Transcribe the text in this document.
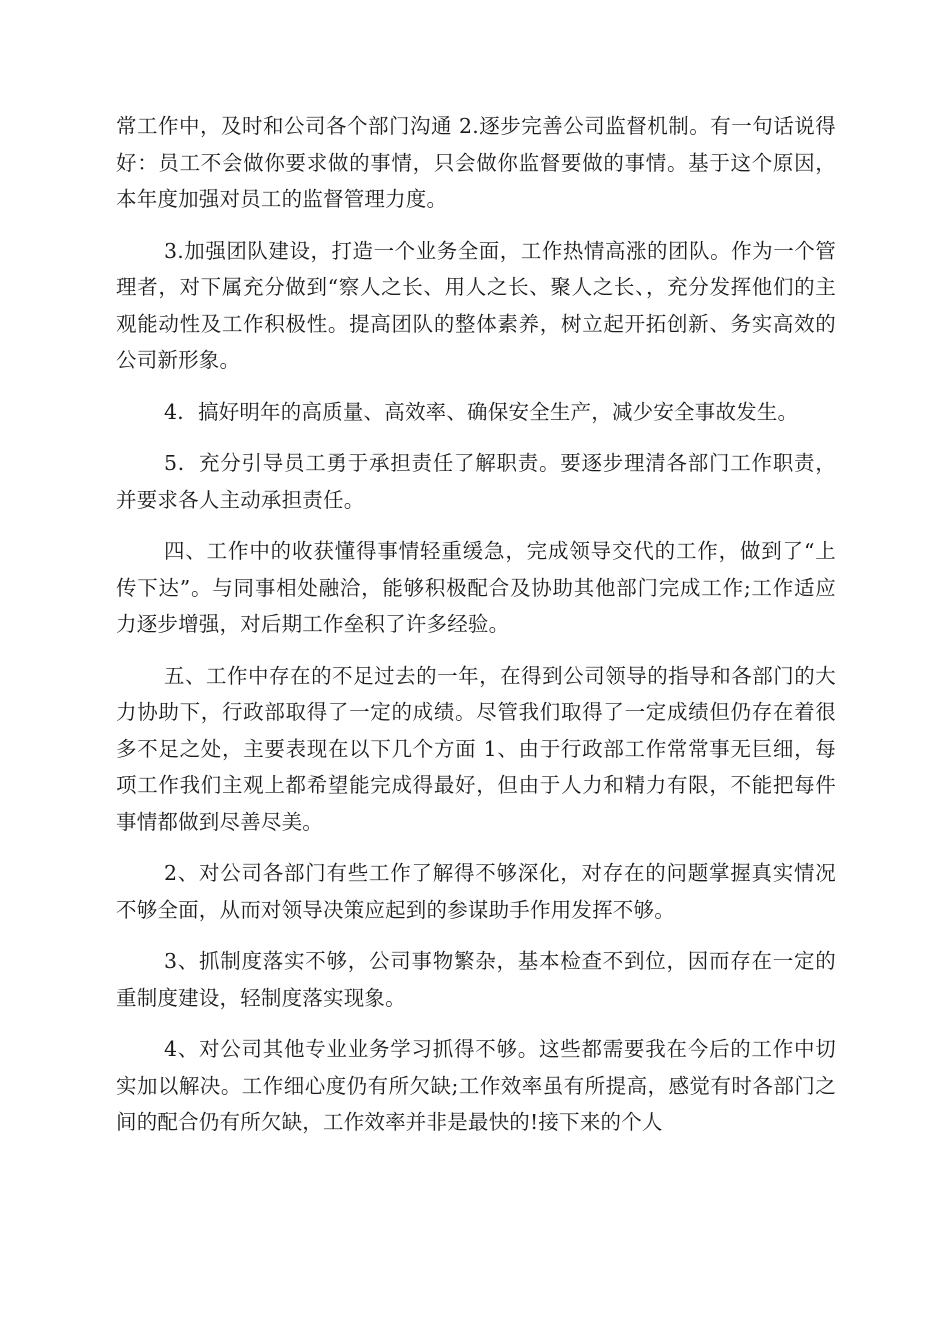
常工作中，及时和公司各个部门沟通 2.逐步完善公司监督机制。有一句话说得好：员工不会做你要求做的事情，只会做你监督要做的事情。基于这个原因，本年度加强对员工的监督管理力度。

3.加强团队建设，打造一个业务全面，工作热情高涨的团队。作为一个管理者，对下属充分做到“察人之长、用人之长、聚人之长、，充分发挥他们的主观能动性及工作积极性。提高团队的整体素养，树立起开拓创新、务实高效的公司新形象。

4．搞好明年的高质量、高效率、确保安全生产，减少安全事故发生。

5．充分引导员工勇于承担责任了解职责。要逐步理清各部门工作职责，并要求各人主动承担责任。

四、工作中的收获懂得事情轻重缓急，完成领导交代的工作，做到了“上传下达”。与同事相处融洽，能够积极配合及协助其他部门完成工作;工作适应力逐步增强，对后期工作垒积了许多经验。

五、工作中存在的不足过去的一年，在得到公司领导的指导和各部门的大力协助下，行政部取得了一定的成绩。尽管我们取得了一定成绩但仍存在着很多不足之处，主要表现在以下几个方面 1、由于行政部工作常常事无巨细，每项工作我们主观上都希望能完成得最好，但由于人力和精力有限，不能把每件事情都做到尽善尽美。

2、对公司各部门有些工作了解得不够深化，对存在的问题掌握真实情况不够全面，从而对领导决策应起到的参谋助手作用发挥不够。

3、抓制度落实不够，公司事物繁杂，基本检查不到位，因而存在一定的重制度建设，轻制度落实现象。

4、对公司其他专业业务学习抓得不够。这些都需要我在今后的工作中切实加以解决。工作细心度仍有所欠缺;工作效率虽有所提高，感觉有时各部门之间的配合仍有所欠缺，工作效率并非是最快的!接下来的个人
